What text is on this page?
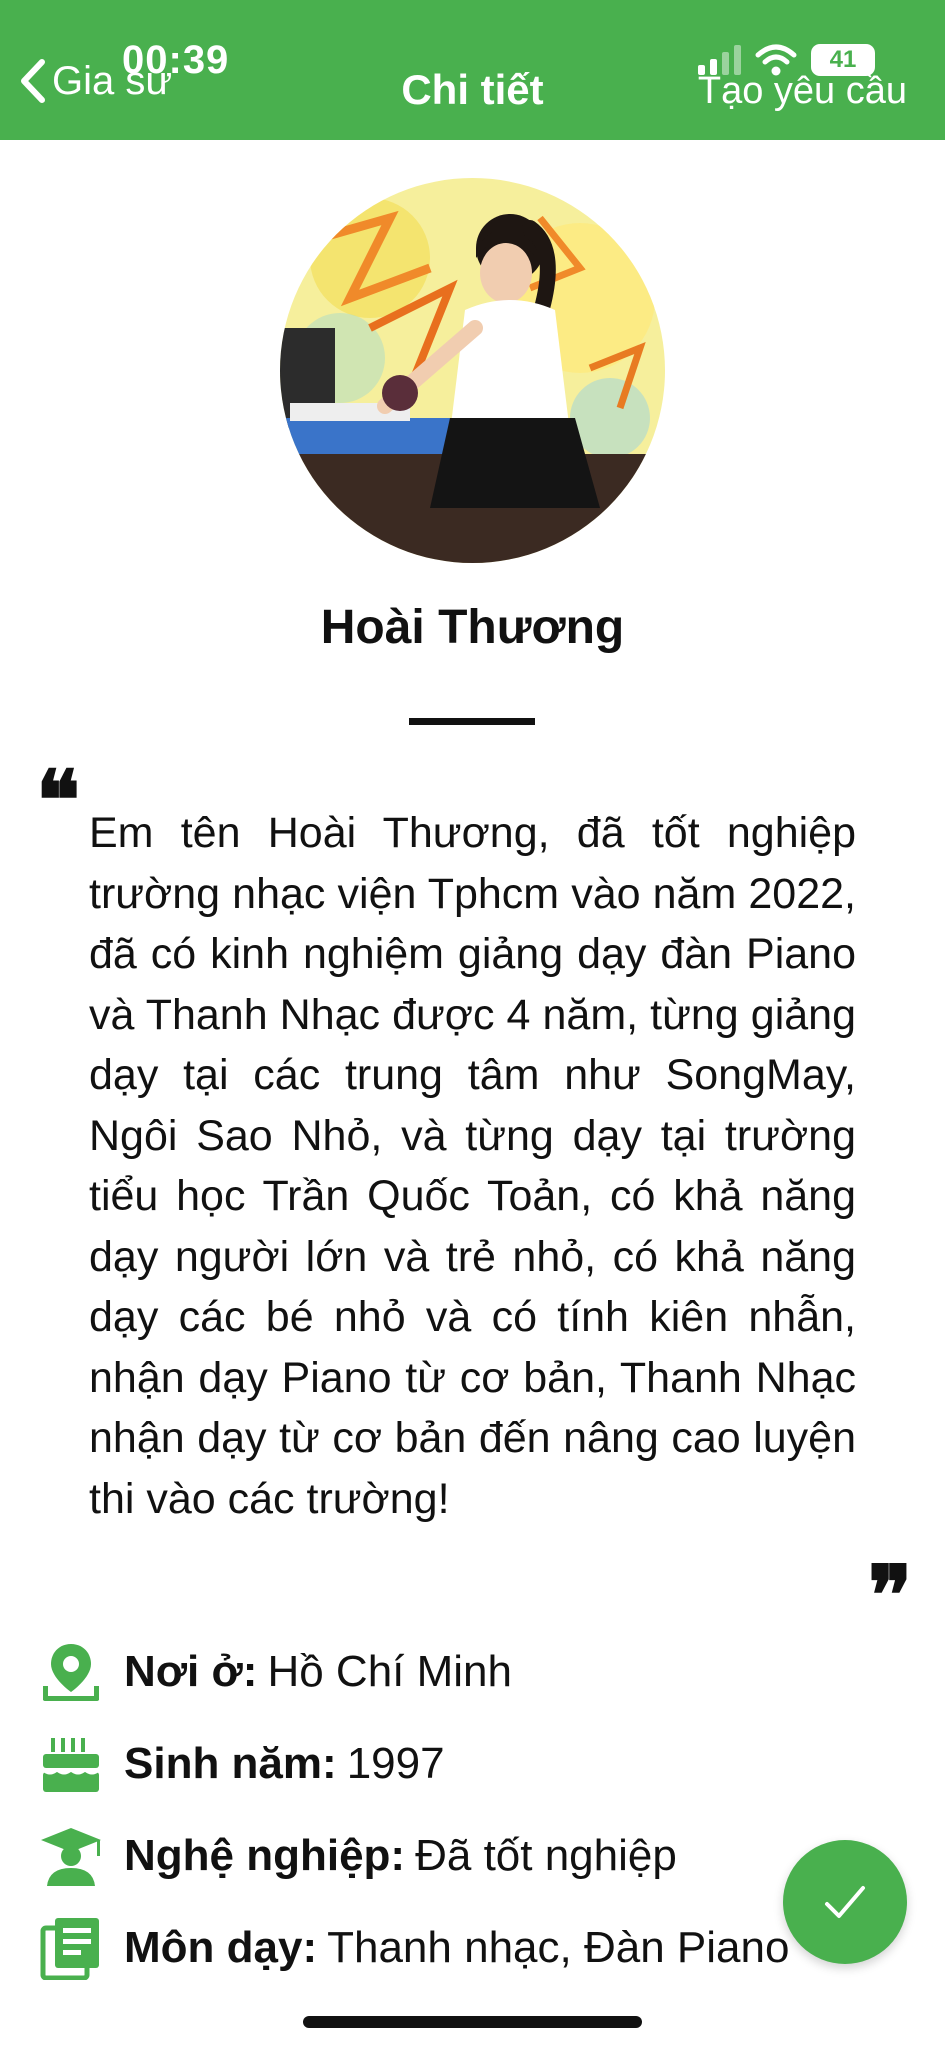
Gia sư
00:39
Chi tiết
41
Tạo yêu cầu
Hoài Thương
❝ Em tên Hoài Thương, đã tốt nghiệp trường nhạc viện Tphcm vào năm 2022, đã có kinh nghiệm giảng dạy đàn Piano và Thanh Nhạc được 4 năm, từng giảng dạy tại các trung tâm như SongMay, Ngôi Sao Nhỏ, và từng dạy tại trường tiểu học Trần Quốc Toản, có khả năng dạy người lớn và trẻ nhỏ, có khả năng dạy các bé nhỏ và có tính kiên nhẫn, nhận dạy Piano từ cơ bản, Thanh Nhạc nhận dạy từ cơ bản đến nâng cao luyện thi vào các trường!

❞
Nơi ở: Hồ Chí Minh
Sinh năm: 1997
Nghệ nghiệp: Đã tốt nghiệp
Môn dạy: Thanh nhạc, Đàn Piano
